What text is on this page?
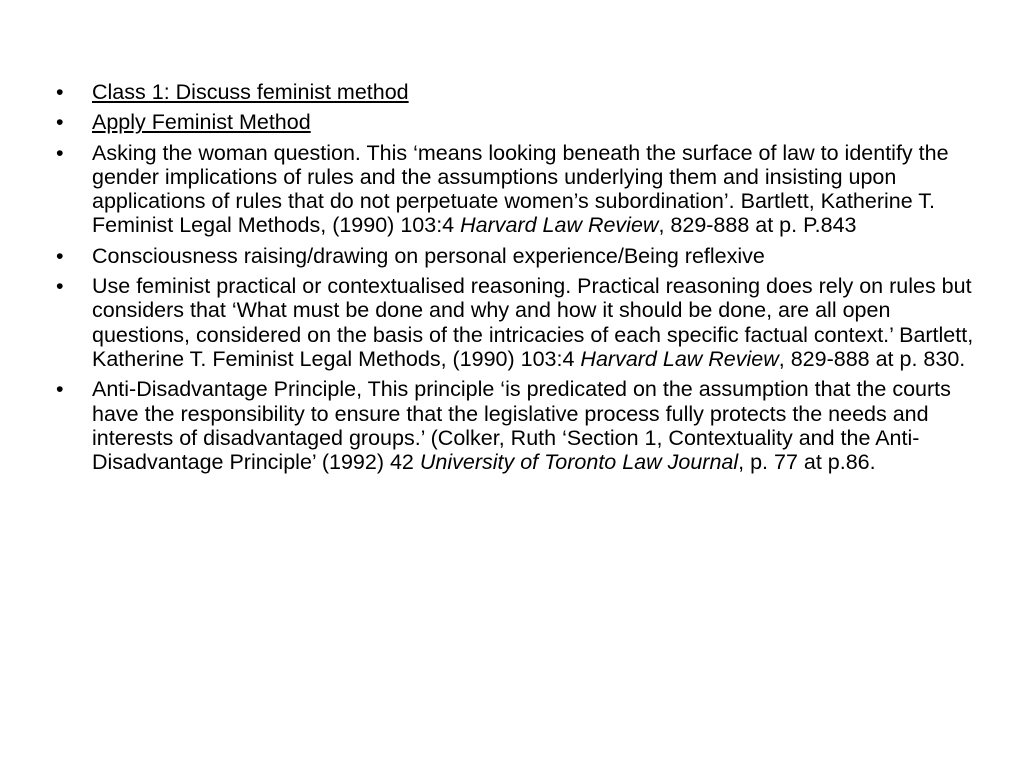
•	Class 1: Discuss feminist method
•	Apply Feminist Method
•	Asking the woman question. This ‘means looking beneath the surface of law to identify the gender implications of rules and the assumptions underlying them and insisting upon applications of rules that do not perpetuate women’s subordination’. Bartlett, Katherine T. Feminist Legal Methods, (1990) 103:4 Harvard Law Review, 829-888 at p. P.843
•	Consciousness raising/drawing on personal experience/Being reflexive
•	Use feminist practical or contextualised reasoning. Practical reasoning does rely on rules but considers that ‘What must be done and why and how it should be done, are all open questions, considered on the basis of the intricacies of each specific factual context.’ Bartlett, Katherine T. Feminist Legal Methods, (1990) 103:4 Harvard Law Review, 829-888 at p. 830.
•	Anti-Disadvantage Principle, This principle ‘is predicated on the assumption that the courts have the responsibility to ensure that the legislative process fully protects the needs and interests of disadvantaged groups.’ (Colker, Ruth ‘Section 1, Contextuality and the Anti-Disadvantage Principle’ (1992) 42 University of Toronto Law Journal, p. 77 at p.86.
